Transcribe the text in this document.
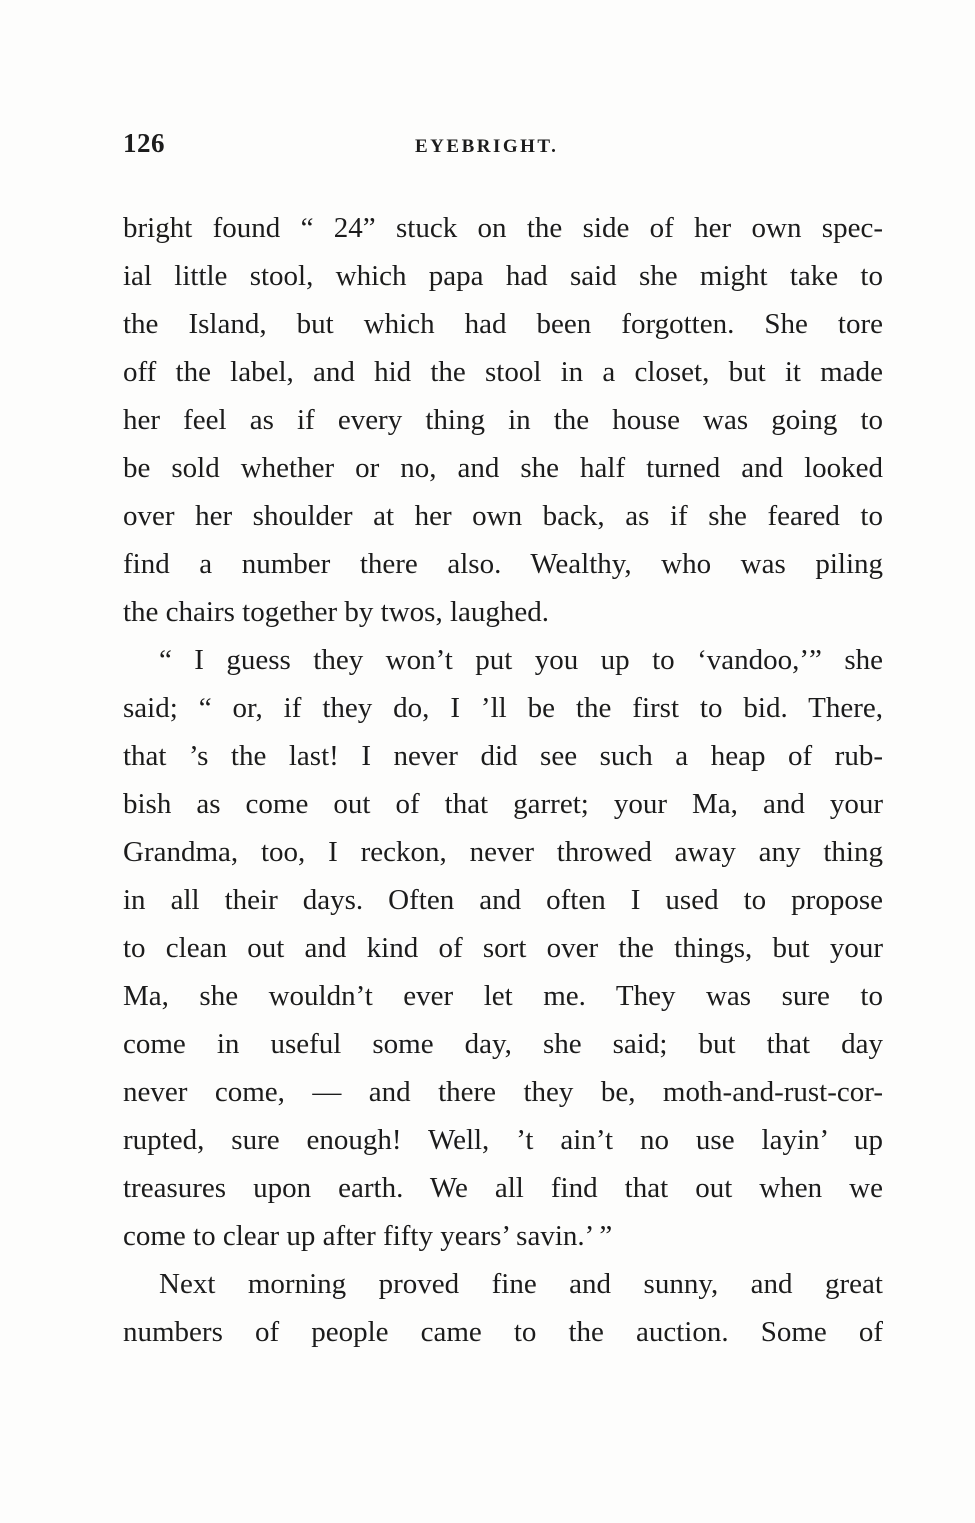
126	EYEBRIGHT.
bright found “ 24” stuck on the side of her own spec-
ial little stool, which papa had said she might take to
the Island, but which had been forgotten. She tore
off the label, and hid the stool in a closet, but it made
her feel as if every thing in the house was going to
be sold whether or no, and she half turned and looked
over her shoulder at her own back, as if she feared to
find a number there also. Wealthy, who was piling
the chairs together by twos, laughed.
“ I guess they won’t put you up to ‘vandoo,’” she
said; “ or, if they do, I ’ll be the first to bid. There,
that ’s the last! I never did see such a heap of rub-
bish as come out of that garret; your Ma, and your
Grandma, too, I reckon, never throwed away any thing
in all their days. Often and often I used to propose
to clean out and kind of sort over the things, but your
Ma, she wouldn’t ever let me. They was sure to
come in useful some day, she said; but that day
never come, — and there they be, moth-and-rust-cor-
rupted, sure enough! Well, ’t ain’t no use layin’ up
treasures upon earth. We all find that out when we
come to clear up after fifty years’ savin.’ ”
Next morning proved fine and sunny, and great
numbers of people came to the auction. Some of
